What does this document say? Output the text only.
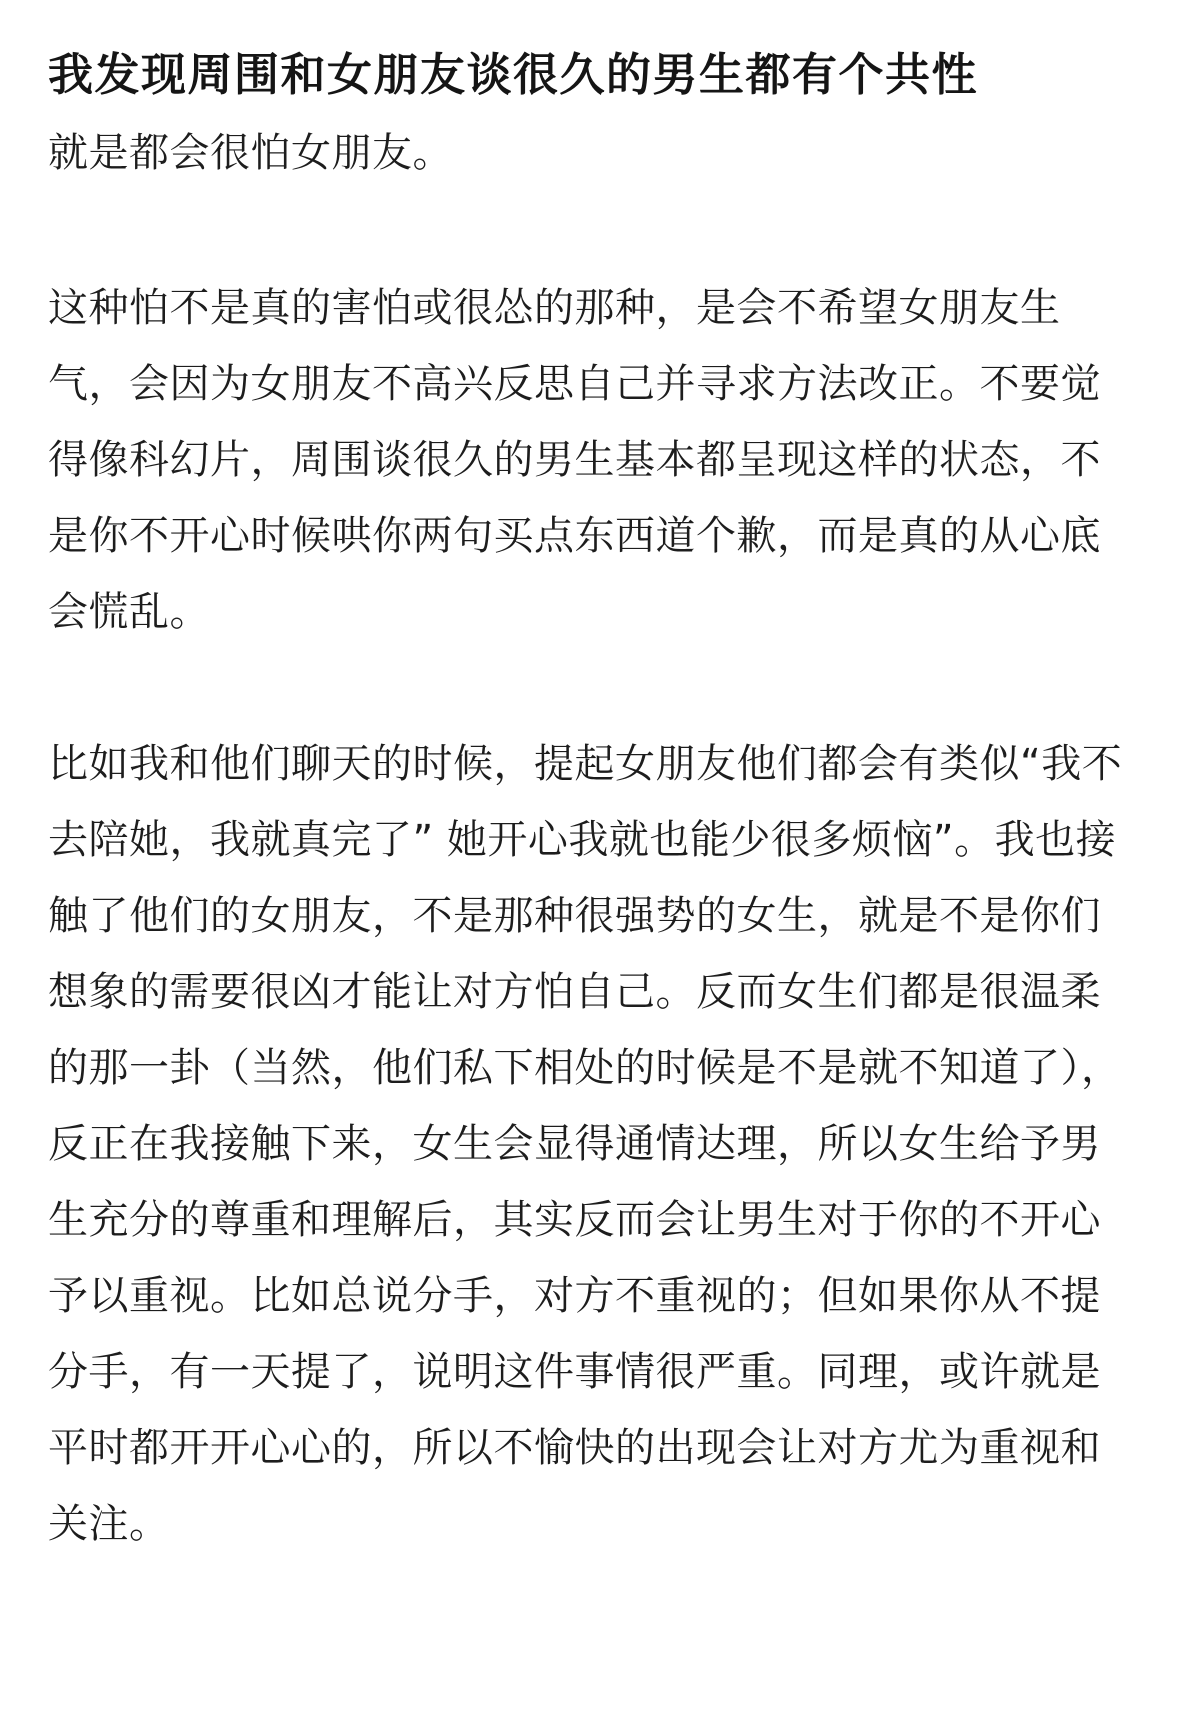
我发现周围和女朋友谈很久的男生都有个共性

就是都会很怕女朋友。

这种怕不是真的害怕或很怂的那种，是会不希望女朋友生气，会因为女朋友不高兴反思自己并寻求方法改正。不要觉得像科幻片，周围谈很久的男生基本都呈现这样的状态，不是你不开心时候哄你两句买点东西道个歉，而是真的从心底会慌乱。

比如我和他们聊天的时候，提起女朋友他们都会有类似“我不去陪她，我就真完了” 她开心我就也能少很多烦恼”。我也接触了他们的女朋友，不是那种很强势的女生，就是不是你们想象的需要很凶才能让对方怕自己。反而女生们都是很温柔的那一卦（当然，他们私下相处的时候是不是就不知道了），反正在我接触下来，女生会显得通情达理，所以女生给予男生充分的尊重和理解后，其实反而会让男生对于你的不开心予以重视。比如总说分手，对方不重视的；但如果你从不提分手，有一天提了，说明这件事情很严重。同理，或许就是平时都开开心心的，所以不愉快的出现会让对方尤为重视和关注。
